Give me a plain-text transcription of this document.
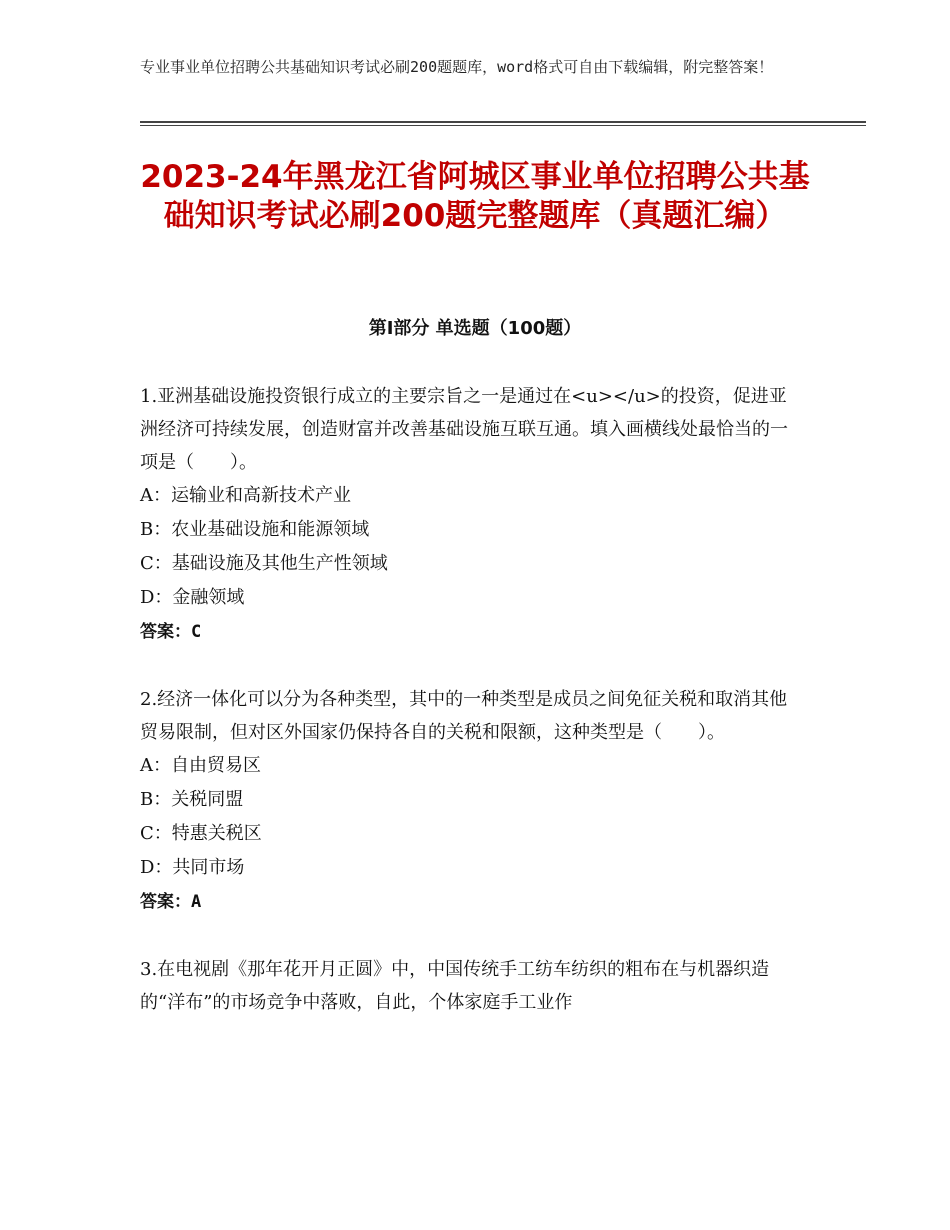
专业事业单位招聘公共基础知识考试必刷200题题库，word格式可自由下载编辑，附完整答案！
2023-24年黑龙江省阿城区事业单位招聘公共基础知识考试必刷200题完整题库（真题汇编）
第Ⅰ部分 单选题（100题）

1.亚洲基础设施投资银行成立的主要宗旨之一是通过在<u></u>的投资，促进亚洲经济可持续发展，创造财富并改善基础设施互联互通。填入画横线处最恰当的一项是（　　）。

A：运输业和高新技术产业

B：农业基础设施和能源领域

C：基础设施及其他生产性领域

D：金融领域

答案：C

2.经济一体化可以分为各种类型，其中的一种类型是成员之间免征关税和取消其他贸易限制，但对区外国家仍保持各自的关税和限额，这种类型是（　　）。

A：自由贸易区

B：关税同盟

C：特惠关税区

D：共同市场

答案：A

3.在电视剧《那年花开月正圆》中，中国传统手工纺车纺织的粗布在与机器织造的“洋布”的市场竞争中落败，自此，个体家庭手工业作
